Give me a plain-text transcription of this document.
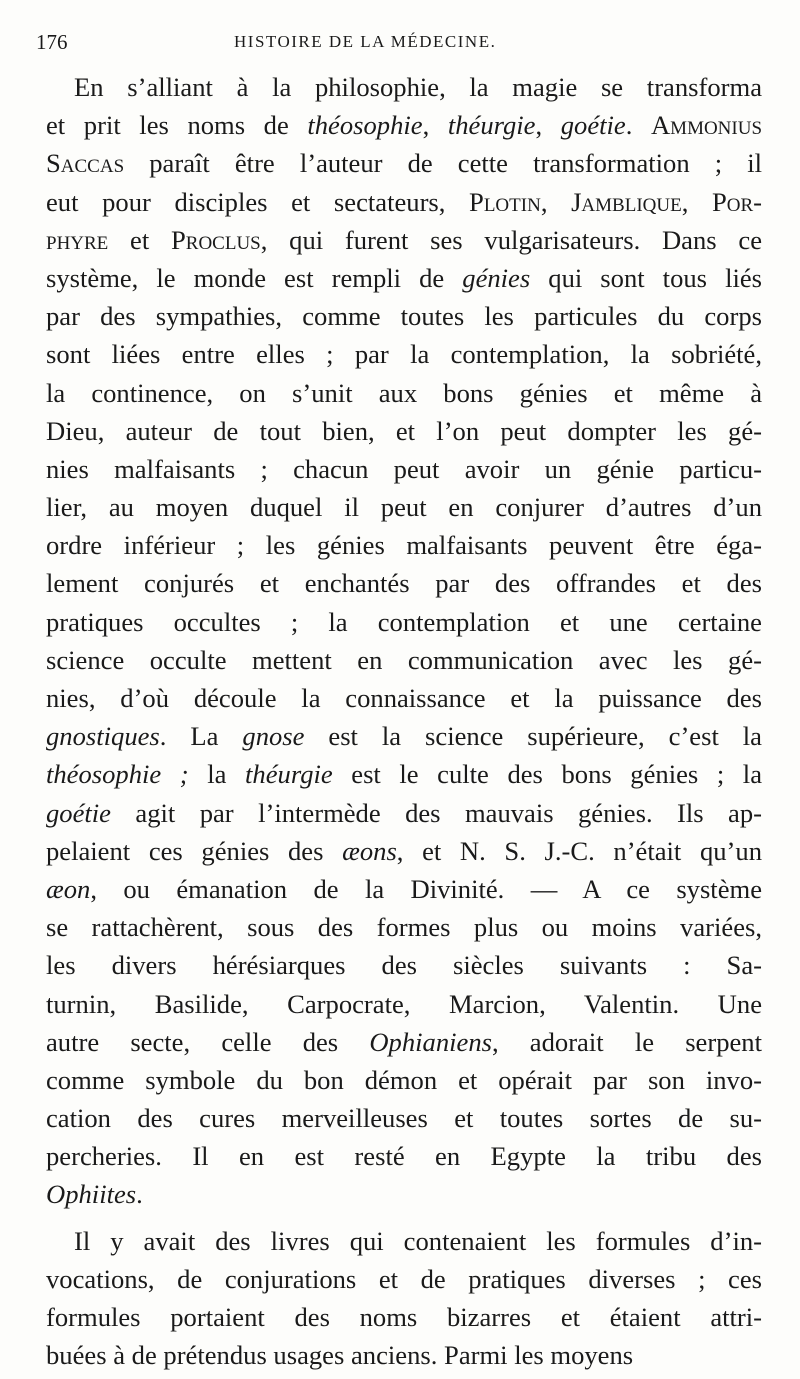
176	HISTOIRE DE LA MÉDECINE.
En s’alliant à la philosophie, la magie se transforma
et prit les noms de théosophie, théurgie, goétie. Ammonius
Saccas paraît être l’auteur de cette transformation ; il
eut pour disciples et sectateurs, Plotin, Jamblique, Por-
phyre et Proclus, qui furent ses vulgarisateurs. Dans ce
système, le monde est rempli de génies qui sont tous liés
par des sympathies, comme toutes les particules du corps
sont liées entre elles ; par la contemplation, la sobriété,
la continence, on s’unit aux bons génies et même à
Dieu, auteur de tout bien, et l’on peut dompter les gé-
nies malfaisants ; chacun peut avoir un génie particu-
lier, au moyen duquel il peut en conjurer d’autres d’un
ordre inférieur ; les génies malfaisants peuvent être éga-
lement conjurés et enchantés par des offrandes et des
pratiques occultes ; la contemplation et une certaine
science occulte mettent en communication avec les gé-
nies, d’où découle la connaissance et la puissance des
gnostiques. La gnose est la science supérieure, c’est la
théosophie ; la théurgie est le culte des bons génies ; la
goétie agit par l’intermède des mauvais génies. Ils ap-
pelaient ces génies des æons, et N. S. J.-C. n’était qu’un
æon, ou émanation de la Divinité. — A ce système
se rattachèrent, sous des formes plus ou moins variées,
les divers hérésiarques des siècles suivants : Sa-
turnin, Basilide, Carpocrate, Marcion, Valentin. Une
autre secte, celle des Ophianiens, adorait le serpent
comme symbole du bon démon et opérait par son invo-
cation des cures merveilleuses et toutes sortes de su-
percheries. Il en est resté en Egypte la tribu des
Ophiites.
Il y avait des livres qui contenaient les formules d’in-
vocations, de conjurations et de pratiques diverses ; ces
formules portaient des noms bizarres et étaient attri-
buées à de prétendus usages anciens. Parmi les moyens
